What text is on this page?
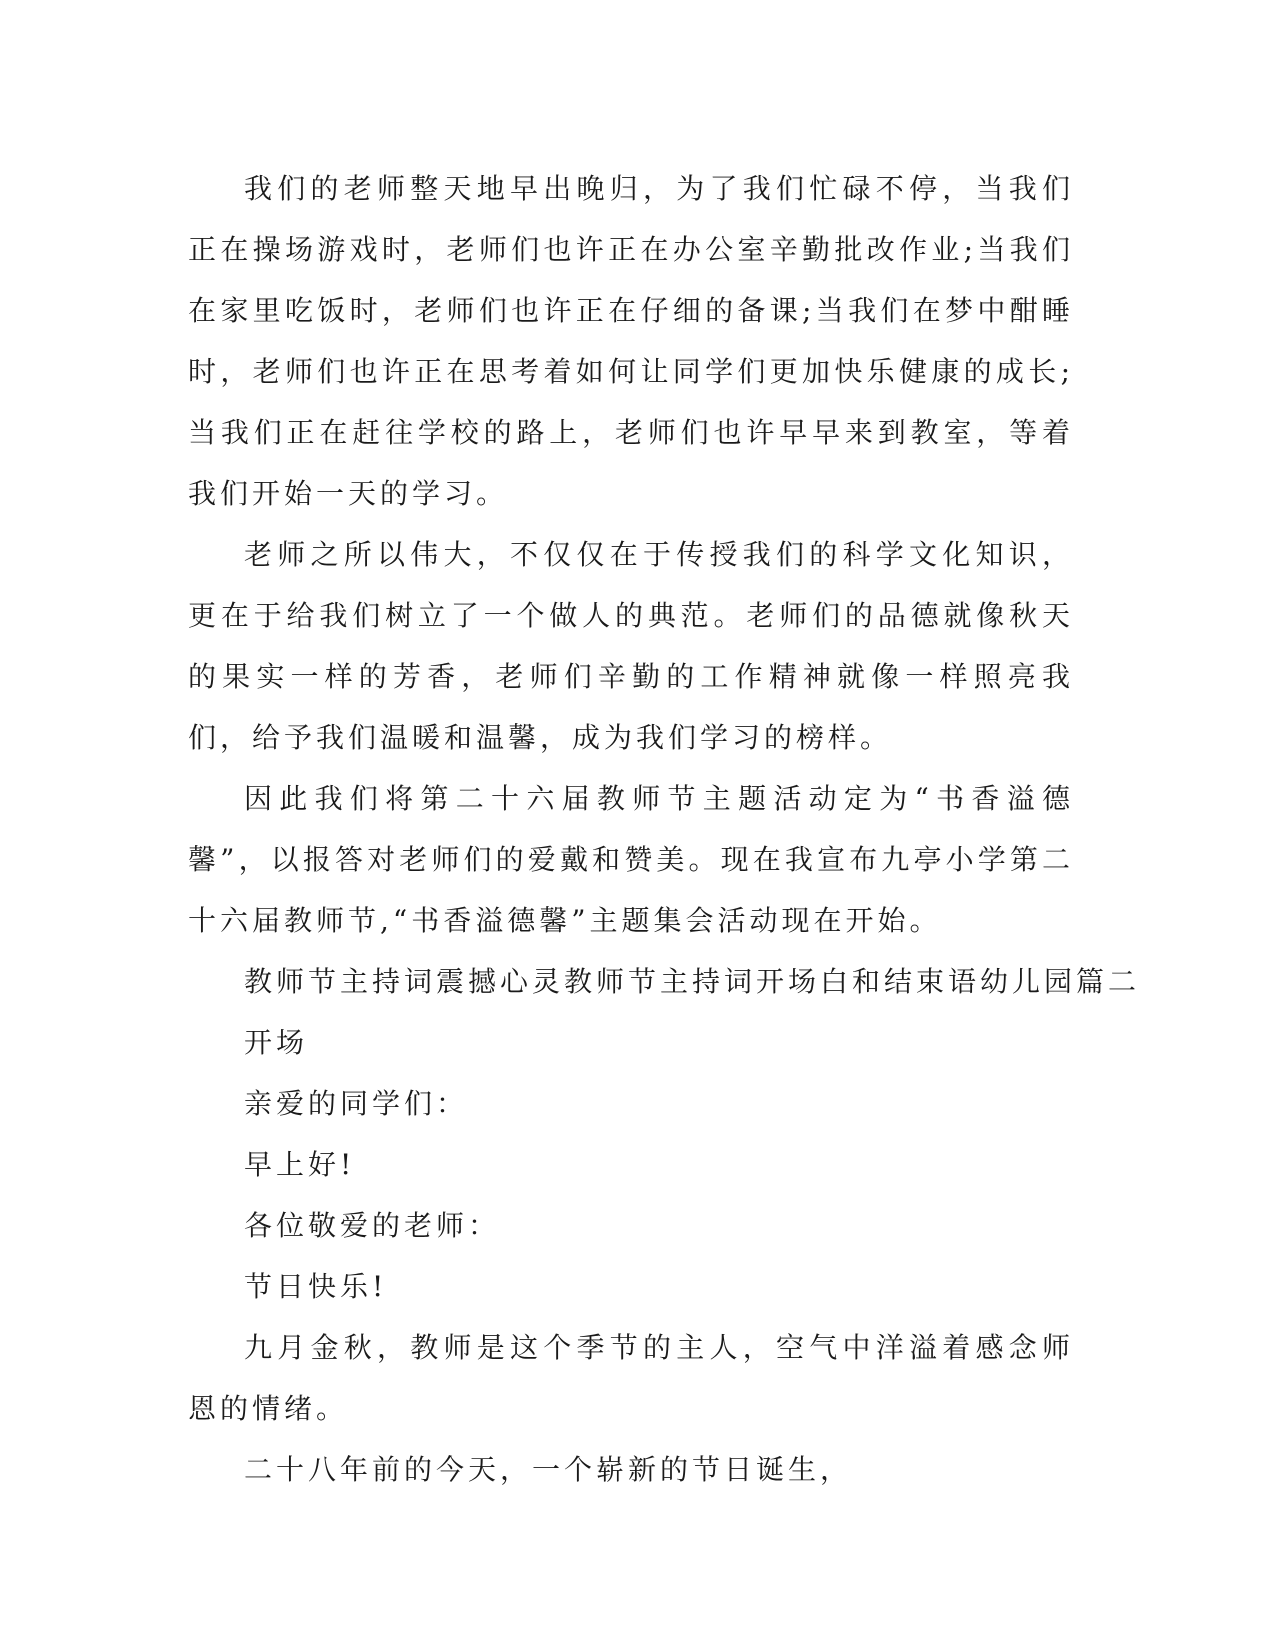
我们的老师整天地早出晚归，为了我们忙碌不停，当我们正在操场游戏时，老师们也许正在办公室辛勤批改作业;当我们在家里吃饭时，老师们也许正在仔细的备课;当我们在梦中酣睡时，老师们也许正在思考着如何让同学们更加快乐健康的成长;当我们正在赶往学校的路上，老师们也许早早来到教室，等着我们开始一天的学习。

老师之所以伟大，不仅仅在于传授我们的科学文化知识，更在于给我们树立了一个做人的典范。老师们的品德就像秋天的果实一样的芳香，老师们辛勤的工作精神就像一样照亮我们，给予我们温暖和温馨，成为我们学习的榜样。

因此我们将第二十六届教师节主题活动定为“书香溢德馨”，以报答对老师们的爱戴和赞美。现在我宣布九亭小学第二十六届教师节,“书香溢德馨”主题集会活动现在开始。

教师节主持词震撼心灵教师节主持词开场白和结束语幼儿园篇二

开场

亲爱的同学们：

早上好!

各位敬爱的老师：

节日快乐!

九月金秋，教师是这个季节的主人，空气中洋溢着感念师恩的情绪。

二十八年前的今天，一个崭新的节日诞生，
